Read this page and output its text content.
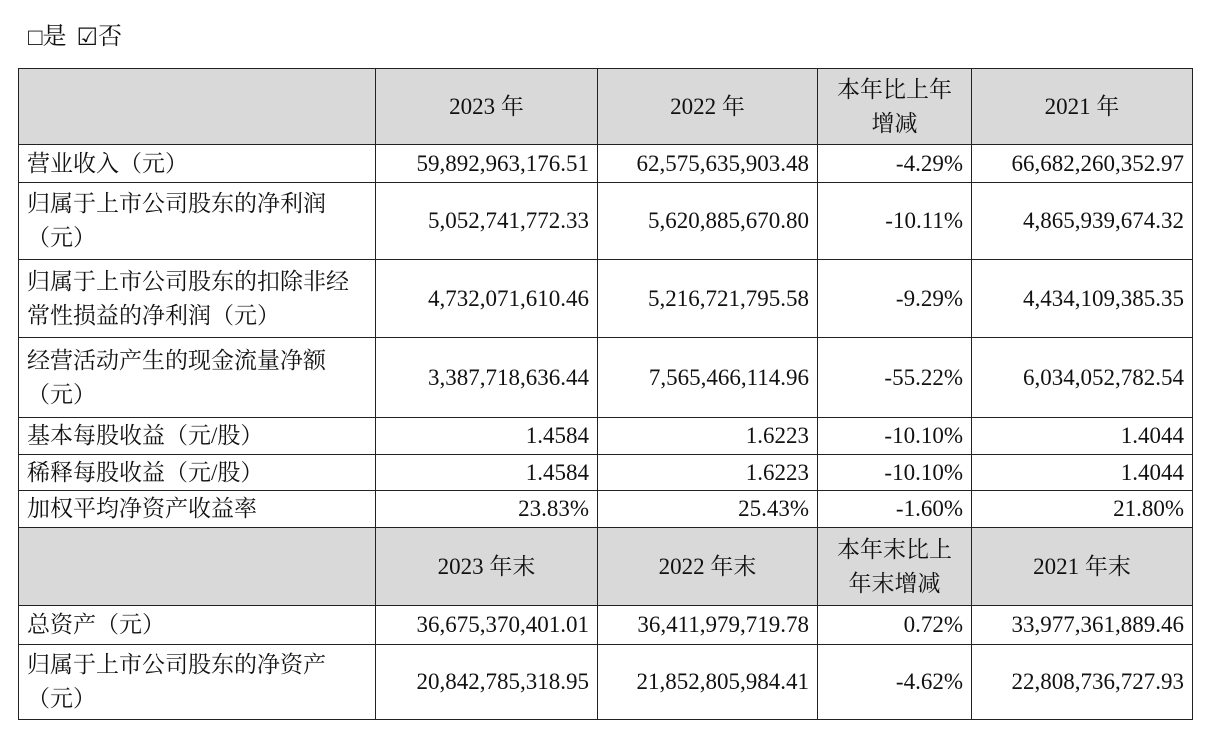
□是 ☑否
	2023 年	2022 年	本年比上年增减	2021 年
营业收入（元）	59,892,963,176.51	62,575,635,903.48	-4.29%	66,682,260,352.97
归属于上市公司股东的净利润（元）	5,052,741,772.33	5,620,885,670.80	-10.11%	4,865,939,674.32
归属于上市公司股东的扣除非经常性损益的净利润（元）	4,732,071,610.46	5,216,721,795.58	-9.29%	4,434,109,385.35
经营活动产生的现金流量净额（元）	3,387,718,636.44	7,565,466,114.96	-55.22%	6,034,052,782.54
基本每股收益（元/股）	1.4584	1.6223	-10.10%	1.4044
稀释每股收益（元/股）	1.4584	1.6223	-10.10%	1.4044
加权平均净资产收益率	23.83%	25.43%	-1.60%	21.80%
	2023 年末	2022 年末	本年末比上年末增减	2021 年末
总资产（元）	36,675,370,401.01	36,411,979,719.78	0.72%	33,977,361,889.46
归属于上市公司股东的净资产（元）	20,842,785,318.95	21,852,805,984.41	-4.62%	22,808,736,727.93
